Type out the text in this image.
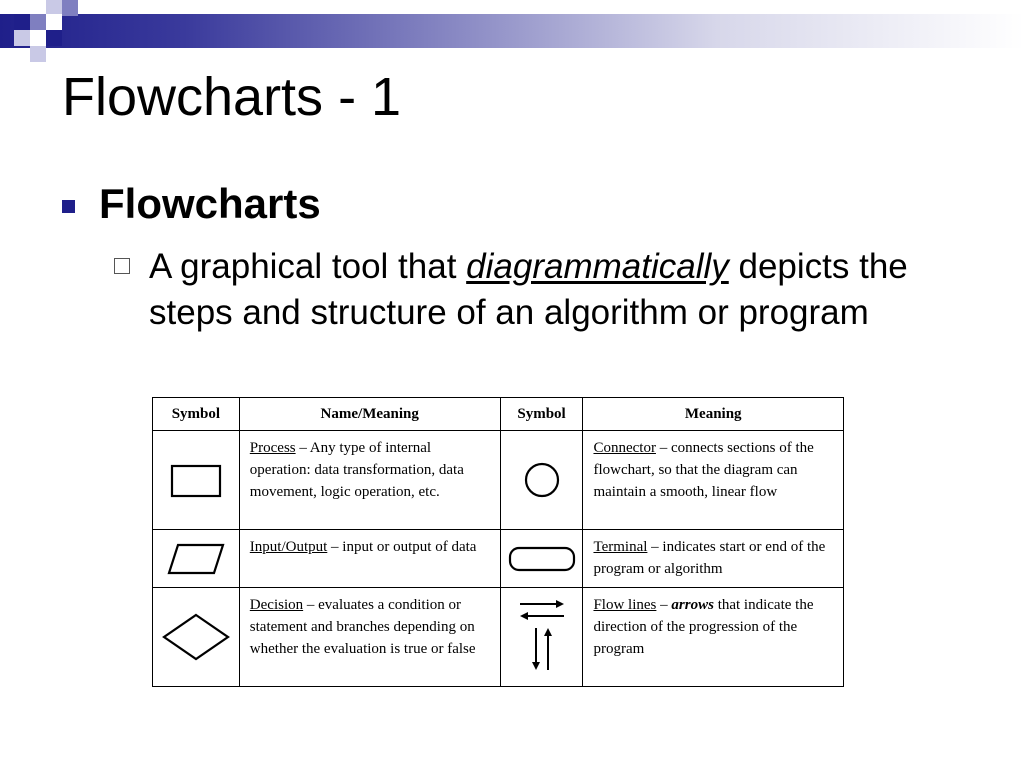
Flowcharts - 1
Flowcharts
A graphical tool that diagrammatically depicts the steps and structure of an algorithm or program
Symbol	Name/Meaning	Symbol	Meaning

	Process – Any type of internal operation: data transformation, data movement, logic operation, etc.		Connector – connects sections of the flowchart, so that the diagram can maintain a smooth, linear flow

	Input/Output – input or output of data		Terminal – indicates start or end of the program or algorithm

	Decision – evaluates a condition or statement and branches depending on whether the evaluation is true or false		Flow lines – arrows that indicate the direction of the progression of the program
